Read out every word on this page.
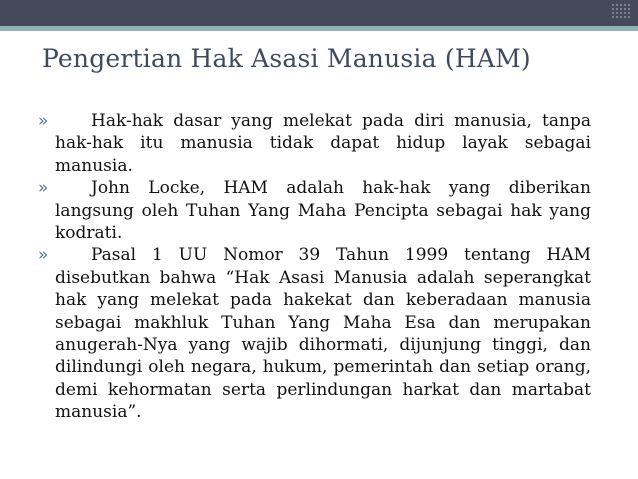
Pengertian Hak Asasi Manusia (HAM)
»	Hak-hak dasar yang melekat pada diri manusia, tanpa hak-hak itu manusia tidak dapat hidup layak sebagai manusia.
»	John Locke, HAM adalah hak-hak yang diberikan langsung oleh Tuhan Yang Maha Pencipta sebagai hak yang kodrati.
»	Pasal 1 UU Nomor 39 Tahun 1999 tentang HAM disebutkan bahwa “Hak Asasi Manusia adalah seperangkat hak yang melekat pada hakekat dan keberadaan manusia sebagai makhluk Tuhan Yang Maha Esa dan merupakan anugerah-Nya yang wajib dihormati, dijunjung tinggi, dan dilindungi oleh negara, hukum, pemerintah dan setiap orang, demi kehormatan serta perlindungan harkat dan martabat manusia”.
